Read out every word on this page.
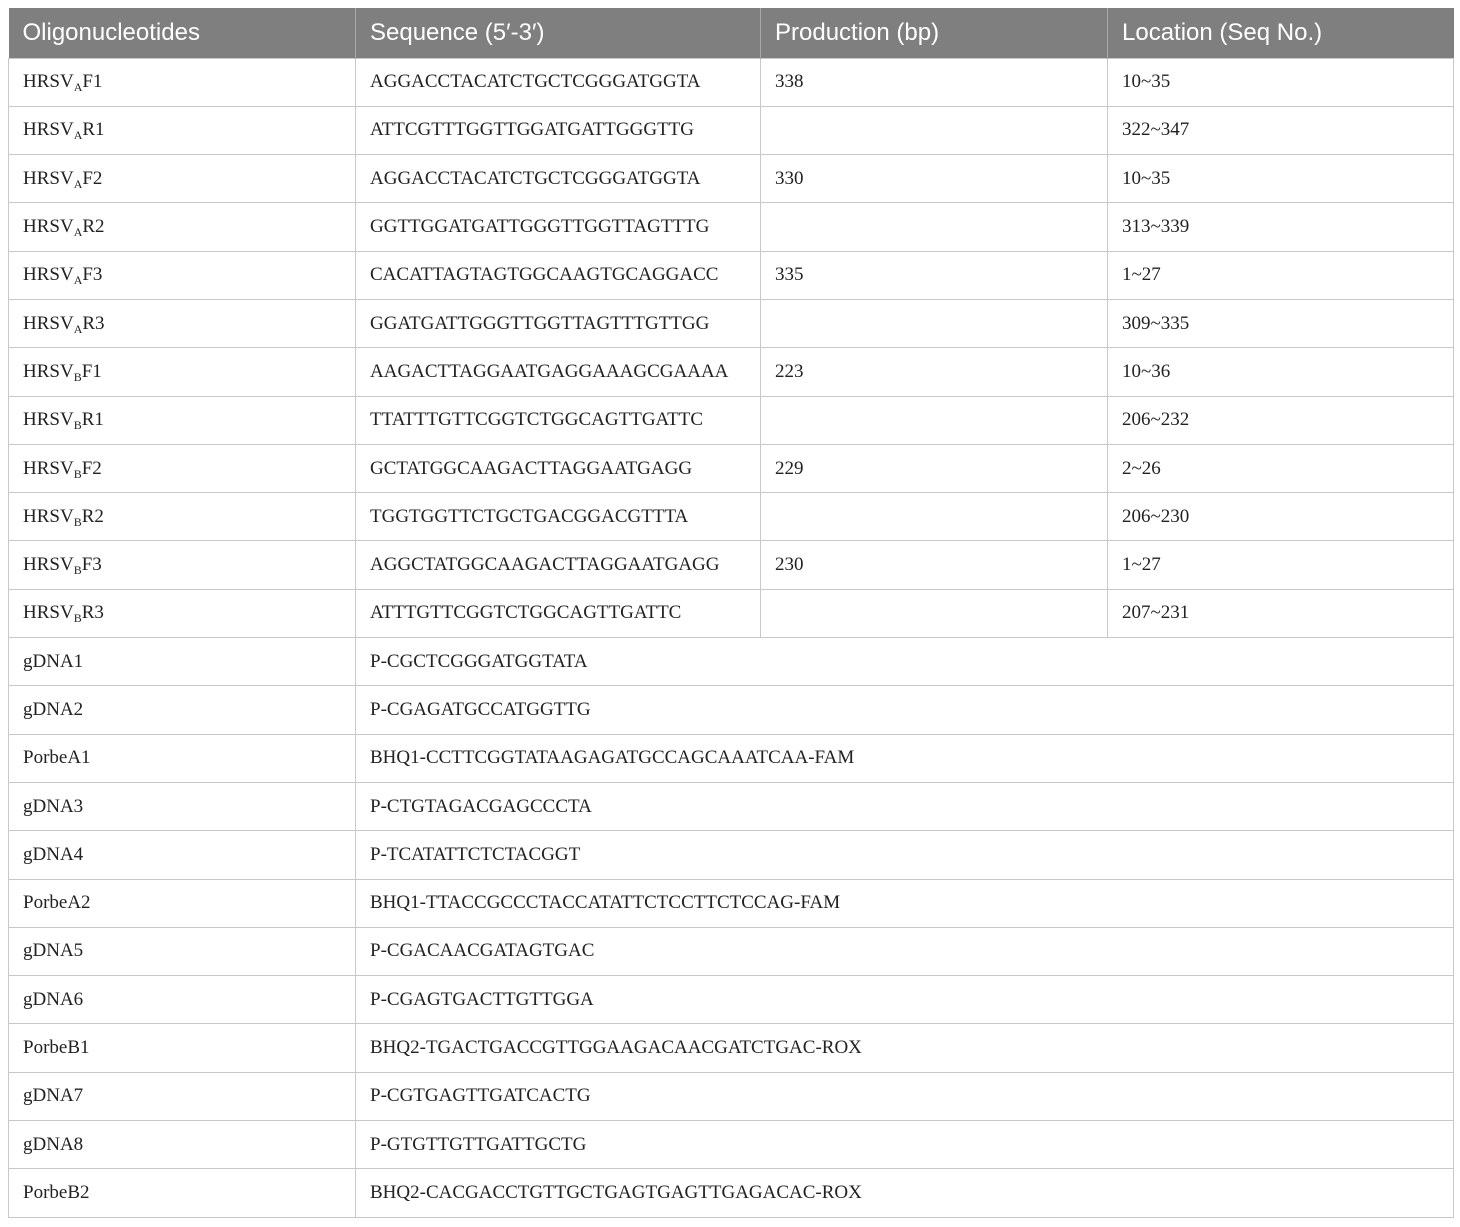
Oligonucleotides	Sequence (5′-3′)	Production (bp)	Location (Seq No.)
$HRSV_AF1$	AGGACCTACATCTGCTCGGGATGGTA	338	10~35
$HRSV_AR1$	ATTCGTTTGGTTGGATGATTGGGTTG		322~347
$HRSV_AF2$	AGGACCTACATCTGCTCGGGATGGTA	330	10~35
$HRSV_AR2$	GGTTGGATGATTGGGTTGGTTAGTTTG		313~339
$HRSV_AF3$	CACATTAGTAGTGGCAAGTGCAGGACC	335	1~27
$HRSV_AR3$	GGATGATTGGGTTGGTTAGTTTGTTGG		309~335
$HRSV_BF1$	AAGACTTAGGAATGAGGAAAGCGAAAA	223	10~36
$HRSV_BR1$	TTATTTGTTCGGTCTGGCAGTTGATTC		206~232
$HRSV_BF2$	GCTATGGCAAGACTTAGGAATGAGG	229	2~26
$HRSV_BR2$	TGGTGGTTCTGCTGACGGACGTTTA		206~230
$HRSV_BF3$	AGGCTATGGCAAGACTTAGGAATGAGG	230	1~27
$HRSV_BR3$	ATTTGTTCGGTCTGGCAGTTGATTC		207~231
gDNA1	P-CGCTCGGGATGGTATA		
gDNA2	P-CGAGATGCCATGGTTG		
PorbeA1	BHQ1-CCTTCGGTATAAGAGATGCCAGCAAATCAA-FAM		
gDNA3	P-CTGTAGACGAGCCCTA		
gDNA4	P-TCATATTCTCTACGGT		
PorbeA2	BHQ1-TTACCGCCCTACCATATTCTCCTTCTCCAG-FAM		
gDNA5	P-CGACAACGATAGTGAC		
gDNA6	P-CGAGTGACTTGTTGGA		
PorbeB1	BHQ2-TGACTGACCGTTGGAAGACAACGATCTGAC-ROX		
gDNA7	P-CGTGAGTTGATCACTG		
gDNA8	P-GTGTTGTTGATTGCTG		
PorbeB2	BHQ2-CACGACCTGTTGCTGAGTGAGTTGAGACAC-ROX		
